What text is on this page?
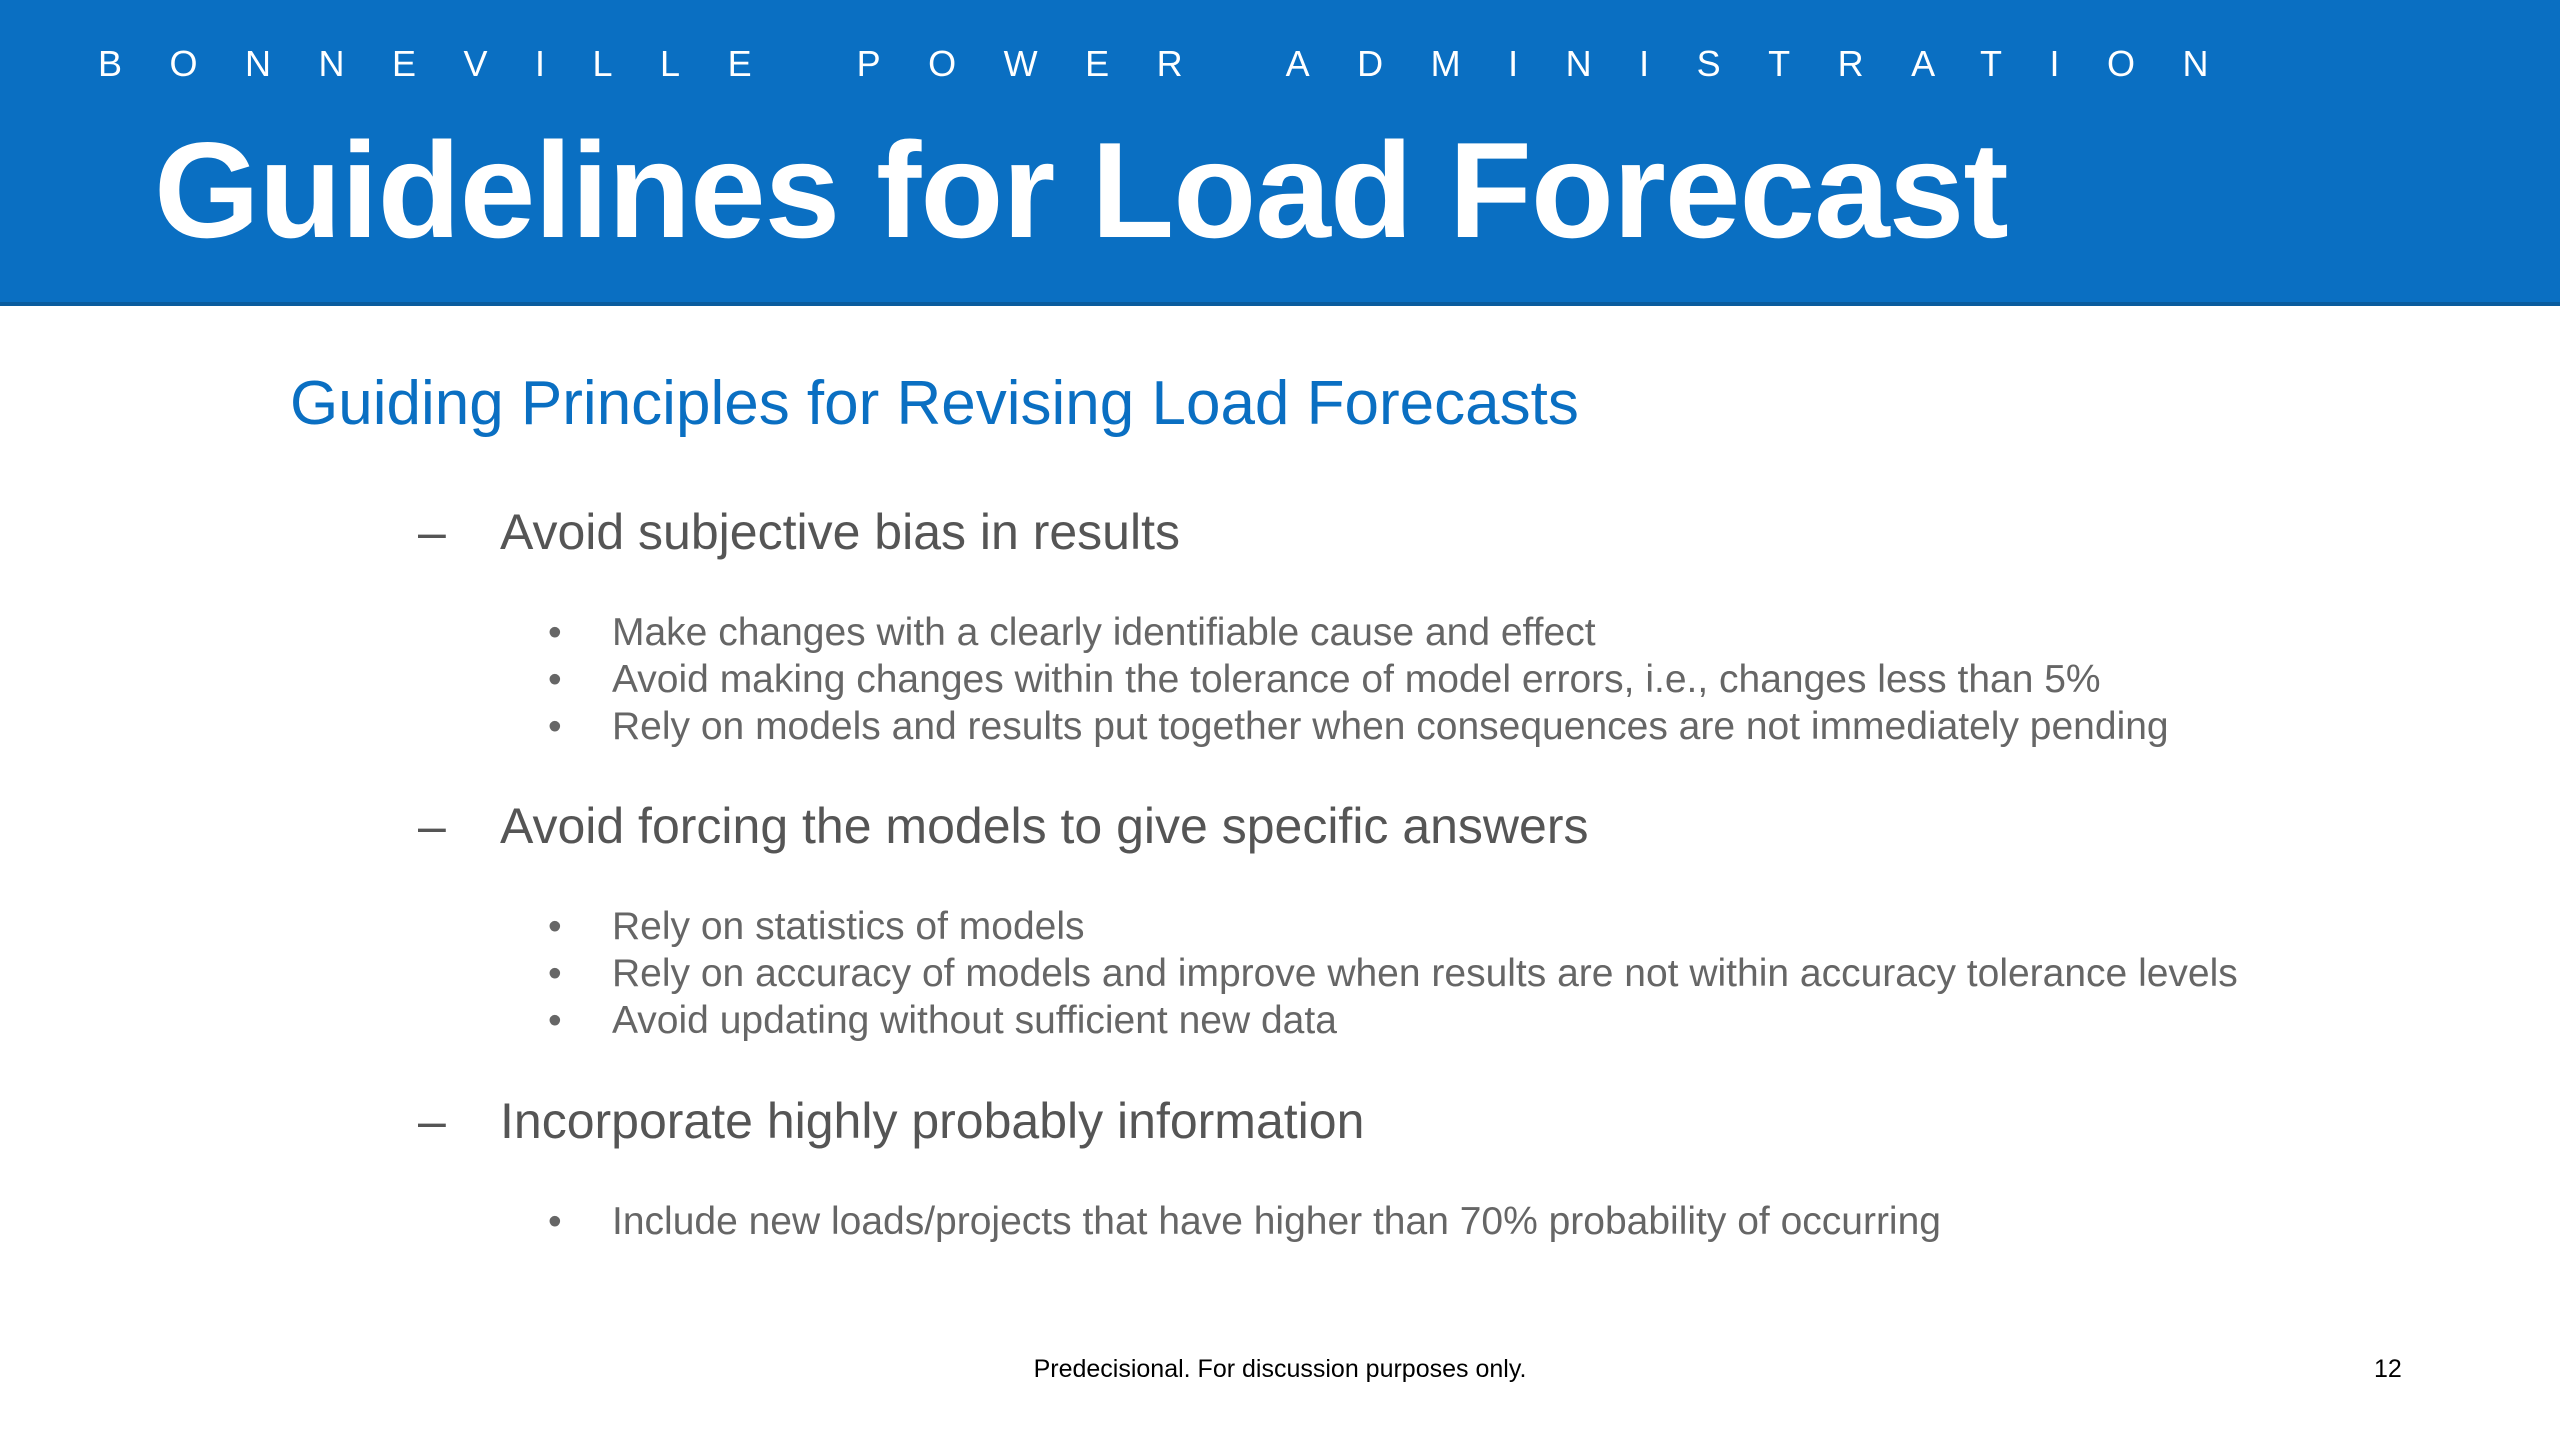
BONNEVILLE POWER ADMINISTRATION
Guidelines for Load Forecast
Guiding Principles for Revising Load Forecasts
– Avoid subjective bias in results
• Make changes with a clearly identifiable cause and effect
• Avoid making changes within the tolerance of model errors, i.e., changes less than 5%
• Rely on models and results put together when consequences are not immediately pending
– Avoid forcing the models to give specific answers
• Rely on statistics of models
• Rely on accuracy of models and improve when results are not within accuracy tolerance levels
• Avoid updating without sufficient new data
– Incorporate highly probably information
• Include new loads/projects that have higher than 70% probability of occurring
Predecisional. For discussion purposes only.	12
